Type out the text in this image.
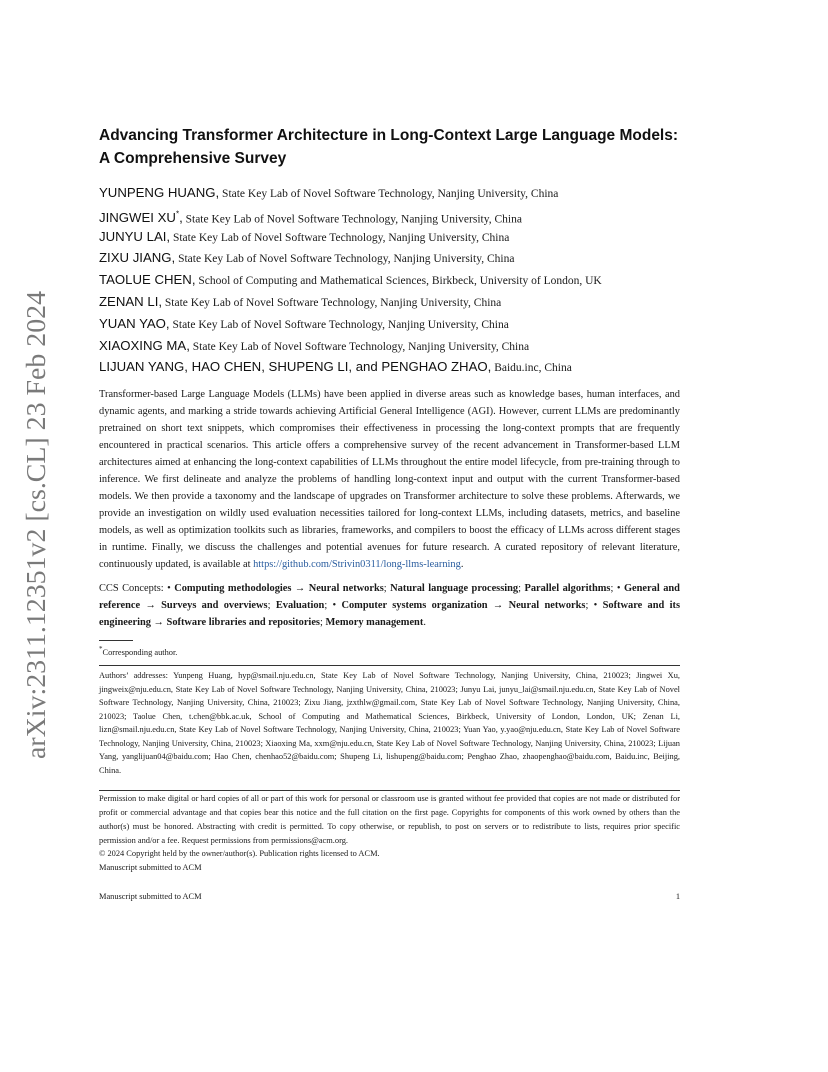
arXiv:2311.12351v2 [cs.CL] 23 Feb 2024
Advancing Transformer Architecture in Long-Context Large Language Models:
A Comprehensive Survey
YUNPENG HUANG, State Key Lab of Novel Software Technology, Nanjing University, China
JINGWEI XU*, State Key Lab of Novel Software Technology, Nanjing University, China
JUNYU LAI, State Key Lab of Novel Software Technology, Nanjing University, China
ZIXU JIANG, State Key Lab of Novel Software Technology, Nanjing University, China
TAOLUE CHEN, School of Computing and Mathematical Sciences, Birkbeck, University of London, UK
ZENAN LI, State Key Lab of Novel Software Technology, Nanjing University, China
YUAN YAO, State Key Lab of Novel Software Technology, Nanjing University, China
XIAOXING MA, State Key Lab of Novel Software Technology, Nanjing University, China
LIJUAN YANG, HAO CHEN, SHUPENG LI, and PENGHAO ZHAO, Baidu.inc, China

Transformer-based Large Language Models (LLMs) have been applied in diverse areas such as knowledge bases, human interfaces, and dynamic agents, and marking a stride towards achieving Artificial General Intelligence (AGI). However, current LLMs are predominantly pretrained on short text snippets, which compromises their effectiveness in processing the long-context prompts that are frequently encountered in practical scenarios. This article offers a comprehensive survey of the recent advancement in Transformer-based LLM architectures aimed at enhancing the long-context capabilities of LLMs throughout the entire model lifecycle, from pre-training through to inference. We first delineate and analyze the problems of handling long-context input and output with the current Transformer-based models. We then provide a taxonomy and the landscape of upgrades on Transformer architecture to solve these problems. Afterwards, we provide an investigation on wildly used evaluation necessities tailored for long-context LLMs, including datasets, metrics, and baseline models, as well as optimization toolkits such as libraries, frameworks, and compilers to boost the efficacy of LLMs across different stages in runtime. Finally, we discuss the challenges and potential avenues for future research. A curated repository of relevant literature, continuously updated, is available at https://github.com/Strivin0311/long-llms-learning.

CCS Concepts: • Computing methodologies → Neural networks; Natural language processing; Parallel algorithms; • General and reference → Surveys and overviews; Evaluation; • Computer systems organization → Neural networks; • Software and its engineering → Software libraries and repositories; Memory management.

*Corresponding author.

Authors’ addresses: Yunpeng Huang, hyp@smail.nju.edu.cn, State Key Lab of Novel Software Technology, Nanjing University, China, 210023; Jingwei Xu, jingweix@nju.edu.cn, State Key Lab of Novel Software Technology, Nanjing University, China, 210023; Junyu Lai, junyu_lai@smail.nju.edu.cn, State Key Lab of Novel Software Technology, Nanjing University, China, 210023; Zixu Jiang, jzxthlw@gmail.com, State Key Lab of Novel Software Technology, Nanjing University, China, 210023; Taolue Chen, t.chen@bbk.ac.uk, School of Computing and Mathematical Sciences, Birkbeck, University of London, London, UK; Zenan Li, lizn@smail.nju.edu.cn, State Key Lab of Novel Software Technology, Nanjing University, China, 210023; Yuan Yao, y.yao@nju.edu.cn, State Key Lab of Novel Software Technology, Nanjing University, China, 210023; Xiaoxing Ma, xxm@nju.edu.cn, State Key Lab of Novel Software Technology, Nanjing University, China, 210023; Lijuan Yang, yanglijuan04@baidu.com; Hao Chen, chenhao52@baidu.com; Shupeng Li, lishupeng@baidu.com; Penghao Zhao, zhaopenghao@baidu.com, Baidu.inc, Beijing, China.

Permission to make digital or hard copies of all or part of this work for personal or classroom use is granted without fee provided that copies are not made or distributed for profit or commercial advantage and that copies bear this notice and the full citation on the first page. Copyrights for components of this work owned by others than the author(s) must be honored. Abstracting with credit is permitted. To copy otherwise, or republish, to post on servers or to redistribute to lists, requires prior specific permission and/or a fee. Request permissions from permissions@acm.org.

© 2024 Copyright held by the owner/author(s). Publication rights licensed to ACM.

Manuscript submitted to ACM

Manuscript submitted to ACM	1
